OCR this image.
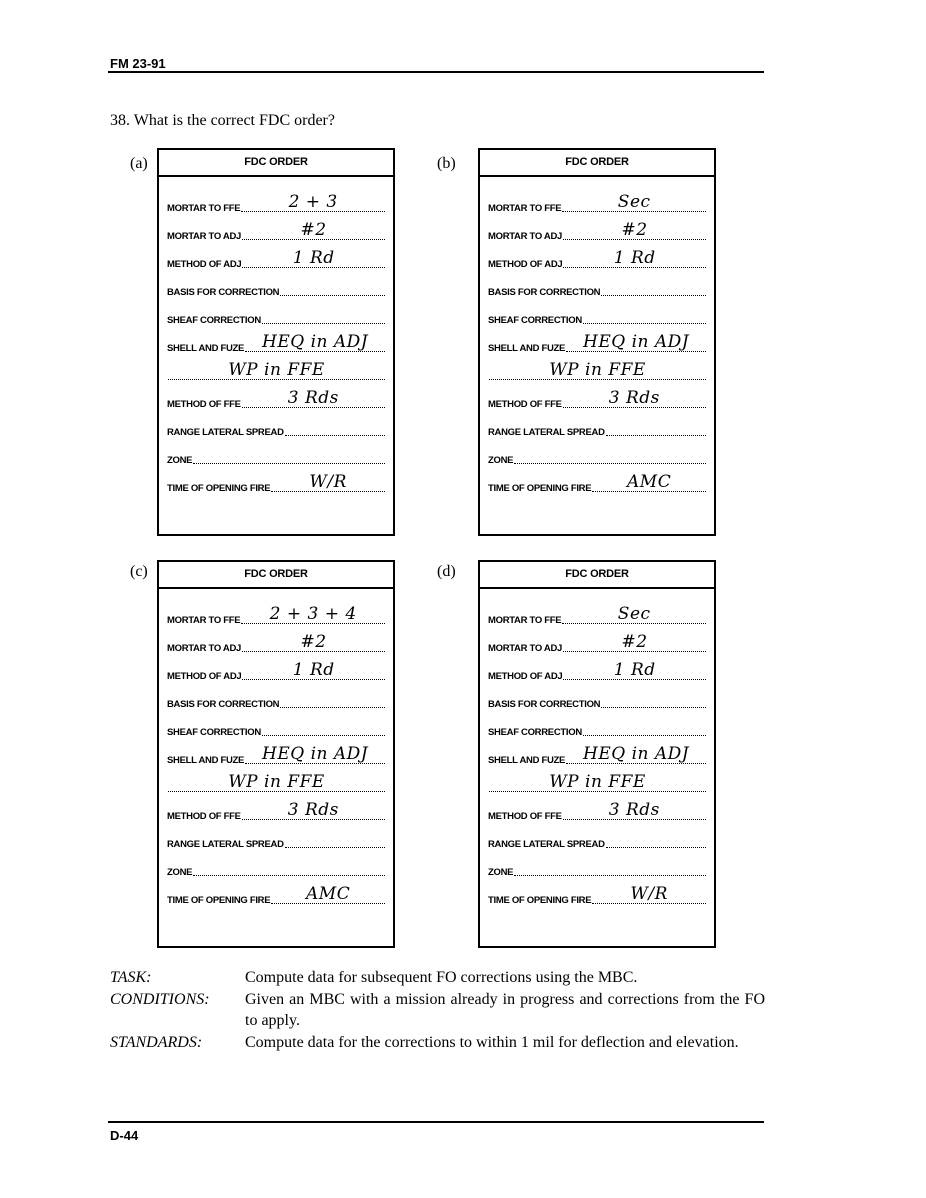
FM 23-91
38. What is the correct FDC order?
(a)	FDC ORDER
MORTAR TO FFE	2 + 3
MORTAR TO ADJ	#2
METHOD OF ADJ	1 Rd
BASIS FOR CORRECTION
SHEAF CORRECTION
SHELL AND FUZE	HEQ in ADJ
WP in FFE
METHOD OF FFE	3 Rds
RANGE LATERAL SPREAD
ZONE
TIME OF OPENING FIRE	W/R
(b)	FDC ORDER
MORTAR TO FFE	Sec
MORTAR TO ADJ	#2
METHOD OF ADJ	1 Rd
BASIS FOR CORRECTION
SHEAF CORRECTION
SHELL AND FUZE	HEQ in ADJ
WP in FFE
METHOD OF FFE	3 Rds
RANGE LATERAL SPREAD
ZONE
TIME OF OPENING FIRE	AMC
(c)	FDC ORDER
MORTAR TO FFE	2 + 3 + 4
MORTAR TO ADJ	#2
METHOD OF ADJ	1 Rd
BASIS FOR CORRECTION
SHEAF CORRECTION
SHELL AND FUZE	HEQ in ADJ
WP in FFE
METHOD OF FFE	3 Rds
RANGE LATERAL SPREAD
ZONE
TIME OF OPENING FIRE	AMC
(d)	FDC ORDER
MORTAR TO FFE	Sec
MORTAR TO ADJ	#2
METHOD OF ADJ	1 Rd
BASIS FOR CORRECTION
SHEAF CORRECTION
SHELL AND FUZE	HEQ in ADJ
WP in FFE
METHOD OF FFE	3 Rds
RANGE LATERAL SPREAD
ZONE
TIME OF OPENING FIRE	W/R
TASK:	Compute data for subsequent FO corrections using the MBC.
CONDITIONS:	Given an MBC with a mission already in progress and corrections from the FO to apply.
STANDARDS:	Compute data for the corrections to within 1 mil for deflection and elevation.
D-44
